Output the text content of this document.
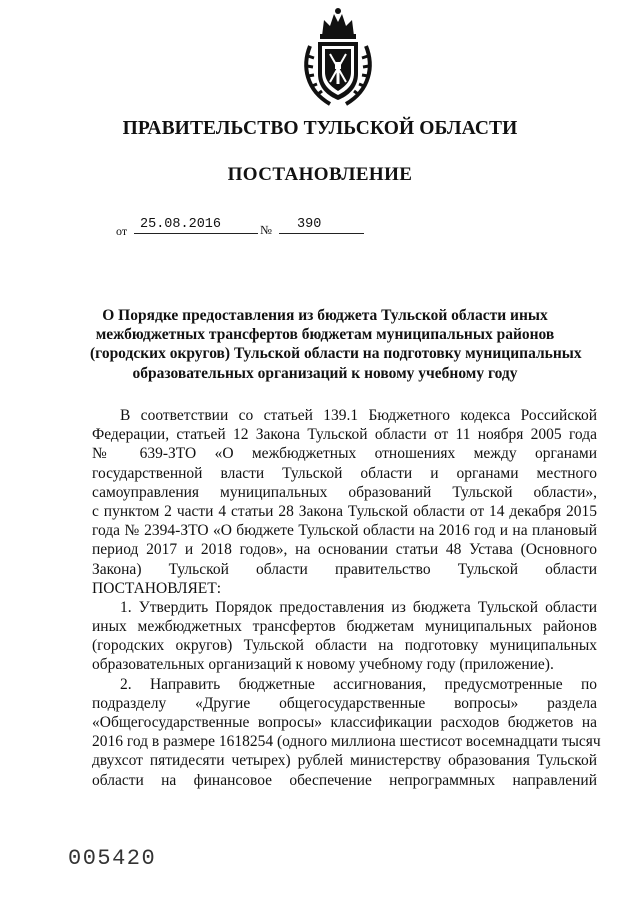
ПРАВИТЕЛЬСТВО ТУЛЬСКОЙ ОБЛАСТИ
ПОСТАНОВЛЕНИЕ
от 25.08.2016	№	390
О Порядке предоставления из бюджета Тульской области иных
межбюджетных трансфертов бюджетам муниципальных районов
(городских округов) Тульской области на подготовку муниципальных
образовательных организаций к новому учебному году
В соответствии со статьей 139.1 Бюджетного кодекса Российской
Федерации, статьей 12 Закона Тульской области от 11 ноября 2005 года
№ 639-ЗТО «О межбюджетных отношениях между органами
государственной власти Тульской области и органами местного
самоуправления муниципальных образований Тульской области»,
с пунктом 2 части 4 статьи 28 Закона Тульской области от 14 декабря 2015
года № 2394-ЗТО «О бюджете Тульской области на 2016 год и на плановый
период 2017 и 2018 годов», на основании статьи 48 Устава (Основного
Закона) Тульской области правительство Тульской области
ПОСТАНОВЛЯЕТ:
1. Утвердить Порядок предоставления из бюджета Тульской области
иных межбюджетных трансфертов бюджетам муниципальных районов
(городских округов) Тульской области на подготовку муниципальных
образовательных организаций к новому учебному году (приложение).
2. Направить бюджетные ассигнования, предусмотренные по
подразделу «Другие общегосударственные вопросы» раздела
«Общегосударственные вопросы» классификации расходов бюджетов на
2016 год в размере 1618254 (одного миллиона шестисот восемнадцати тысяч
двухсот пятидесяти четырех) рублей министерству образования Тульской
области на финансовое обеспечение непрограммных направлений
005420
